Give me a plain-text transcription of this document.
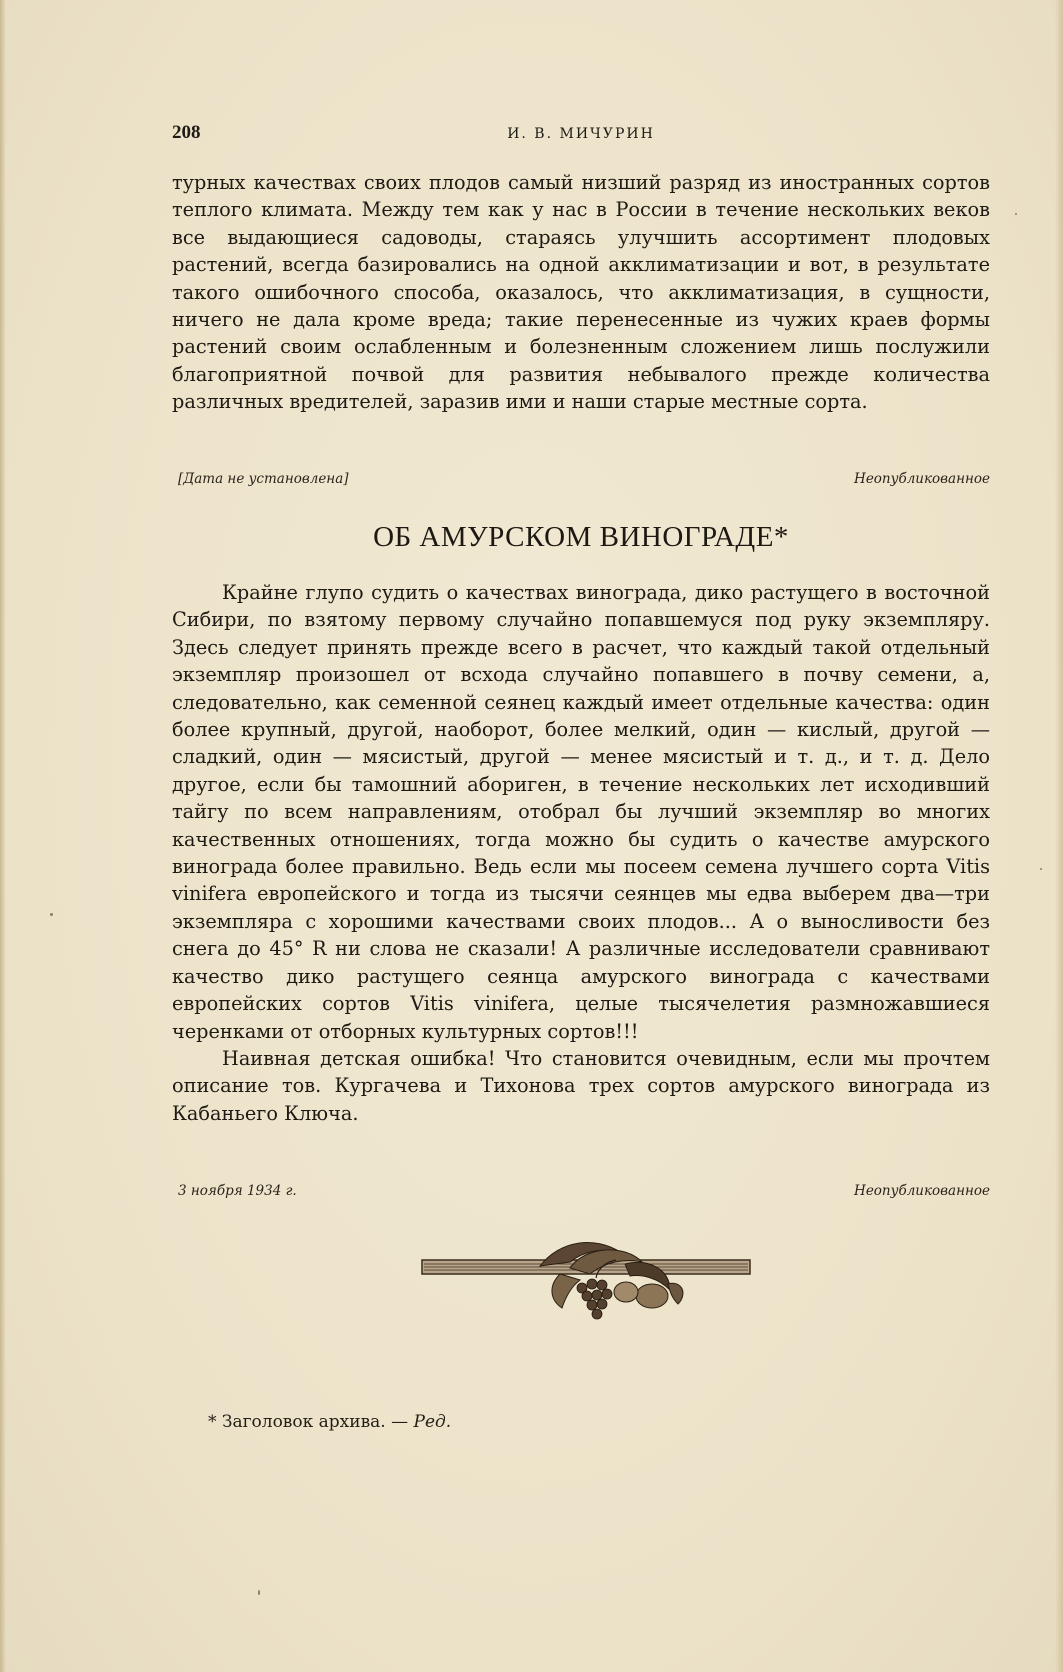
208	И. В. МИЧУРИН

турных качествах своих плодов самый низший разряд из иностранных сортов теплого климата. Между тем как у нас в России в течение нескольких веков все выдающиеся садоводы, стараясь улучшить ассортимент плодовых растений, всегда базировались на одной акклиматизации и вот, в результате такого ошибочного способа, оказалось, что акклиматизация, в сущности, ничего не дала кроме вреда; такие перенесенные из чужих краев формы растений своим ослабленным и болезненным сложением лишь послужили благоприятной почвой для развития небывалого прежде количества различных вредителей, заразив ими и наши старые местные сорта.

[Дата не установлена]	Неопубликованное
ОБ АМУРСКОМ ВИНОГРАДЕ*

Крайне глупо судить о качествах винограда, дико растущего в восточной Сибири, по взятому первому случайно попавшемуся под руку экземпляру. Здесь следует принять прежде всего в расчет, что каждый такой отдельный экземпляр произошел от всхода случайно попавшего в почву семени, а, следовательно, как семенной сеянец каждый имеет отдельные качества: один более крупный, другой, наоборот, более мелкий, один — кислый, другой — сладкий, один — мясистый, другой — менее мясистый и т. д., и т. д. Дело другое, если бы тамошний абориген, в течение нескольких лет исходивший тайгу по всем направлениям, отобрал бы лучший экземпляр во многих качественных отношениях, тогда можно бы судить о качестве амурского винограда более правильно. Ведь если мы посеем семена лучшего сорта Vitis vinifera европейского и тогда из тысячи сеянцев мы едва выберем два—три экземпляра с хорошими качествами своих плодов... А о выносливости без снега до 45° R ни слова не сказали! А различные исследователи сравнивают качество дико растущего сеянца амурского винограда с качествами европейских сортов Vitis vinifera, целые тысячелетия размножавшиеся черенками от отборных культурных сортов!!!

Наивная детская ошибка! Что становится очевидным, если мы прочтем описание тов. Кургачева и Тихонова трех сортов амурского винограда из Кабаньего Ключа.

3 ноября 1934 г.	Неопубликованное
* Заголовок архива. — Ред.
